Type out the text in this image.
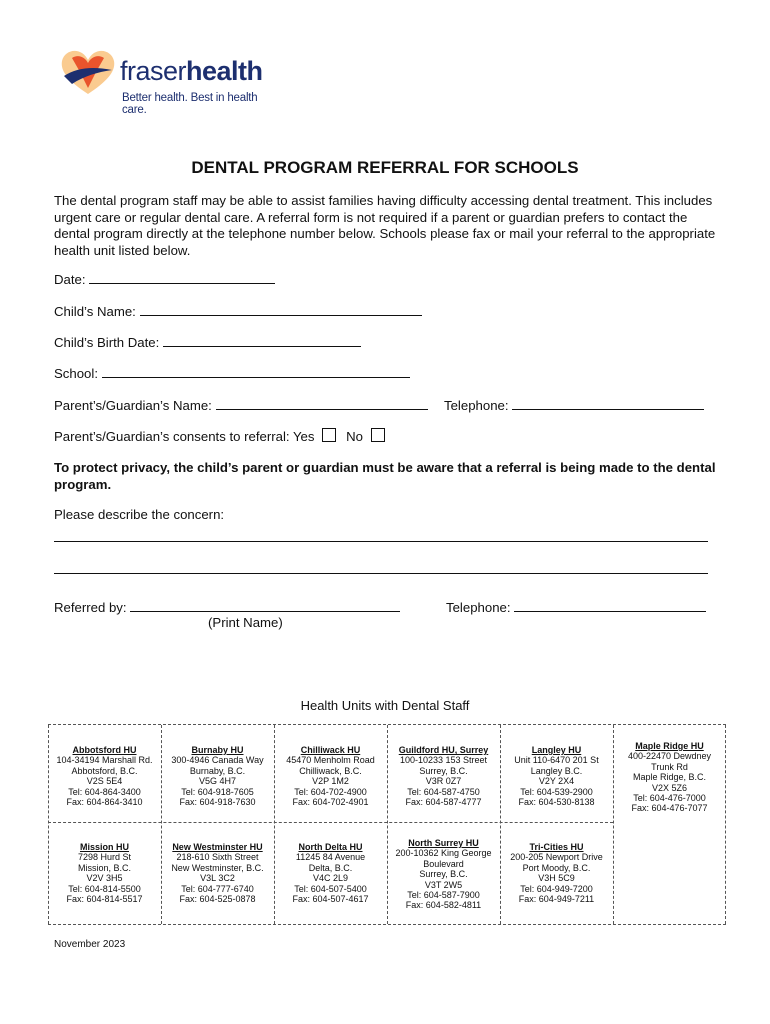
fraserhealth
Better health. Best in health care.
DENTAL PROGRAM REFERRAL FOR SCHOOLS
The dental program staff may be able to assist families having difficulty accessing dental treatment. This includes urgent care or regular dental care. A referral form is not required if a parent or guardian prefers to contact the dental program directly at the telephone number below. Schools please fax or mail your referral to the appropriate health unit listed below.
Date:
Child’s Name:
Child’s Birth Date:
School:
Parent’s/Guardian’s Name:	Telephone:
Parent’s/Guardian’s consents to referral: Yes No
To protect privacy, the child’s parent or guardian must be aware that a referral is being made to the dental program.
Please describe the concern:
Referred by:	Telephone:
(Print Name)
Health Units with Dental Staff
Abbotsford HU
104-34194 Marshall Rd.
Abbotsford, B.C.
V2S 5E4
Tel: 604-864-3400
Fax: 604-864-3410
Burnaby HU
300-4946 Canada Way
Burnaby, B.C.
V5G 4H7
Tel: 604-918-7605
Fax: 604-918-7630
Chilliwack HU
45470 Menholm Road
Chilliwack, B.C.
V2P 1M2
Tel: 604-702-4900
Fax: 604-702-4901
Guildford HU, Surrey
100-10233 153 Street
Surrey, B.C.
V3R 0Z7
Tel: 604-587-4750
Fax: 604-587-4777
Langley HU
Unit 110-6470 201 St
Langley B.C.
V2Y 2X4
Tel: 604-539-2900
Fax: 604-530-8138
Maple Ridge HU
400-22470 Dewdney
Trunk Rd
Maple Ridge, B.C.
V2X 5Z6
Tel: 604-476-7000
Fax: 604-476-7077
Mission HU
7298 Hurd St
Mission, B.C.
V2V 3H5
Tel: 604-814-5500
Fax: 604-814-5517
New Westminster HU
218-610 Sixth Street
New Westminster, B.C.
V3L 3C2
Tel: 604-777-6740
Fax: 604-525-0878
North Delta HU
11245 84 Avenue
Delta, B.C.
V4C 2L9
Tel: 604-507-5400
Fax: 604-507-4617
North Surrey HU
200-10362 King George
Boulevard
Surrey, B.C.
V3T 2W5
Tel: 604-587-7900
Fax: 604-582-4811
Tri-Cities HU
200-205 Newport Drive
Port Moody, B.C.
V3H 5C9
Tel: 604-949-7200
Fax: 604-949-7211
November 2023
